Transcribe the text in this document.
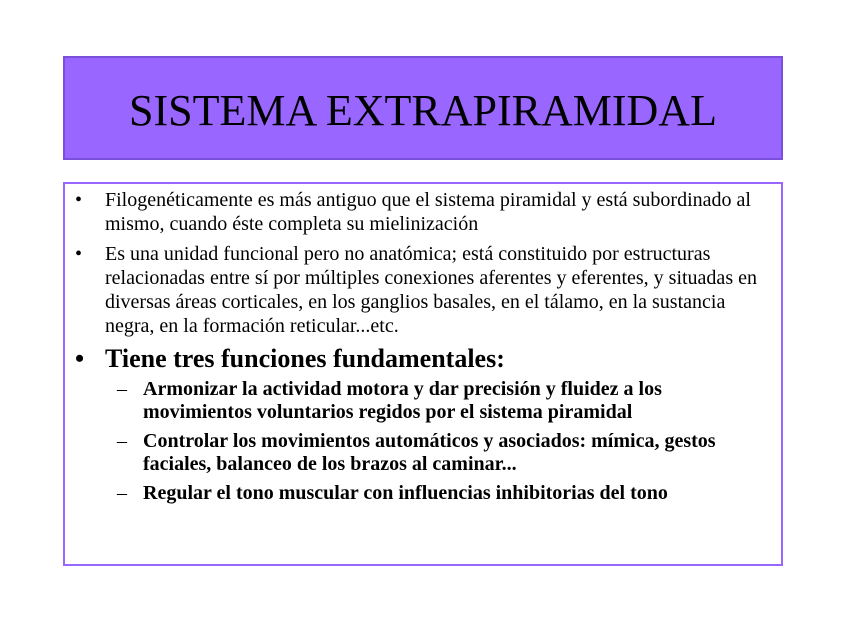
SISTEMA EXTRAPIRAMIDAL
•	Filogenéticamente es más antiguo que el sistema piramidal y está subordinado al mismo, cuando éste completa su mielinización
•	Es una unidad funcional pero no anatómica; está constituido por estructuras relacionadas entre sí por múltiples conexiones aferentes y eferentes, y situadas en diversas áreas corticales, en los ganglios basales, en el tálamo, en la sustancia negra, en la formación reticular...etc.
• Tiene tres funciones fundamentales:
– Armonizar la actividad motora y dar precisión y fluidez a los movimientos voluntarios regidos por el sistema piramidal
– Controlar los movimientos automáticos y asociados: mímica, gestos faciales, balanceo de los brazos al caminar...
– Regular el tono muscular con influencias inhibitorias del tono
